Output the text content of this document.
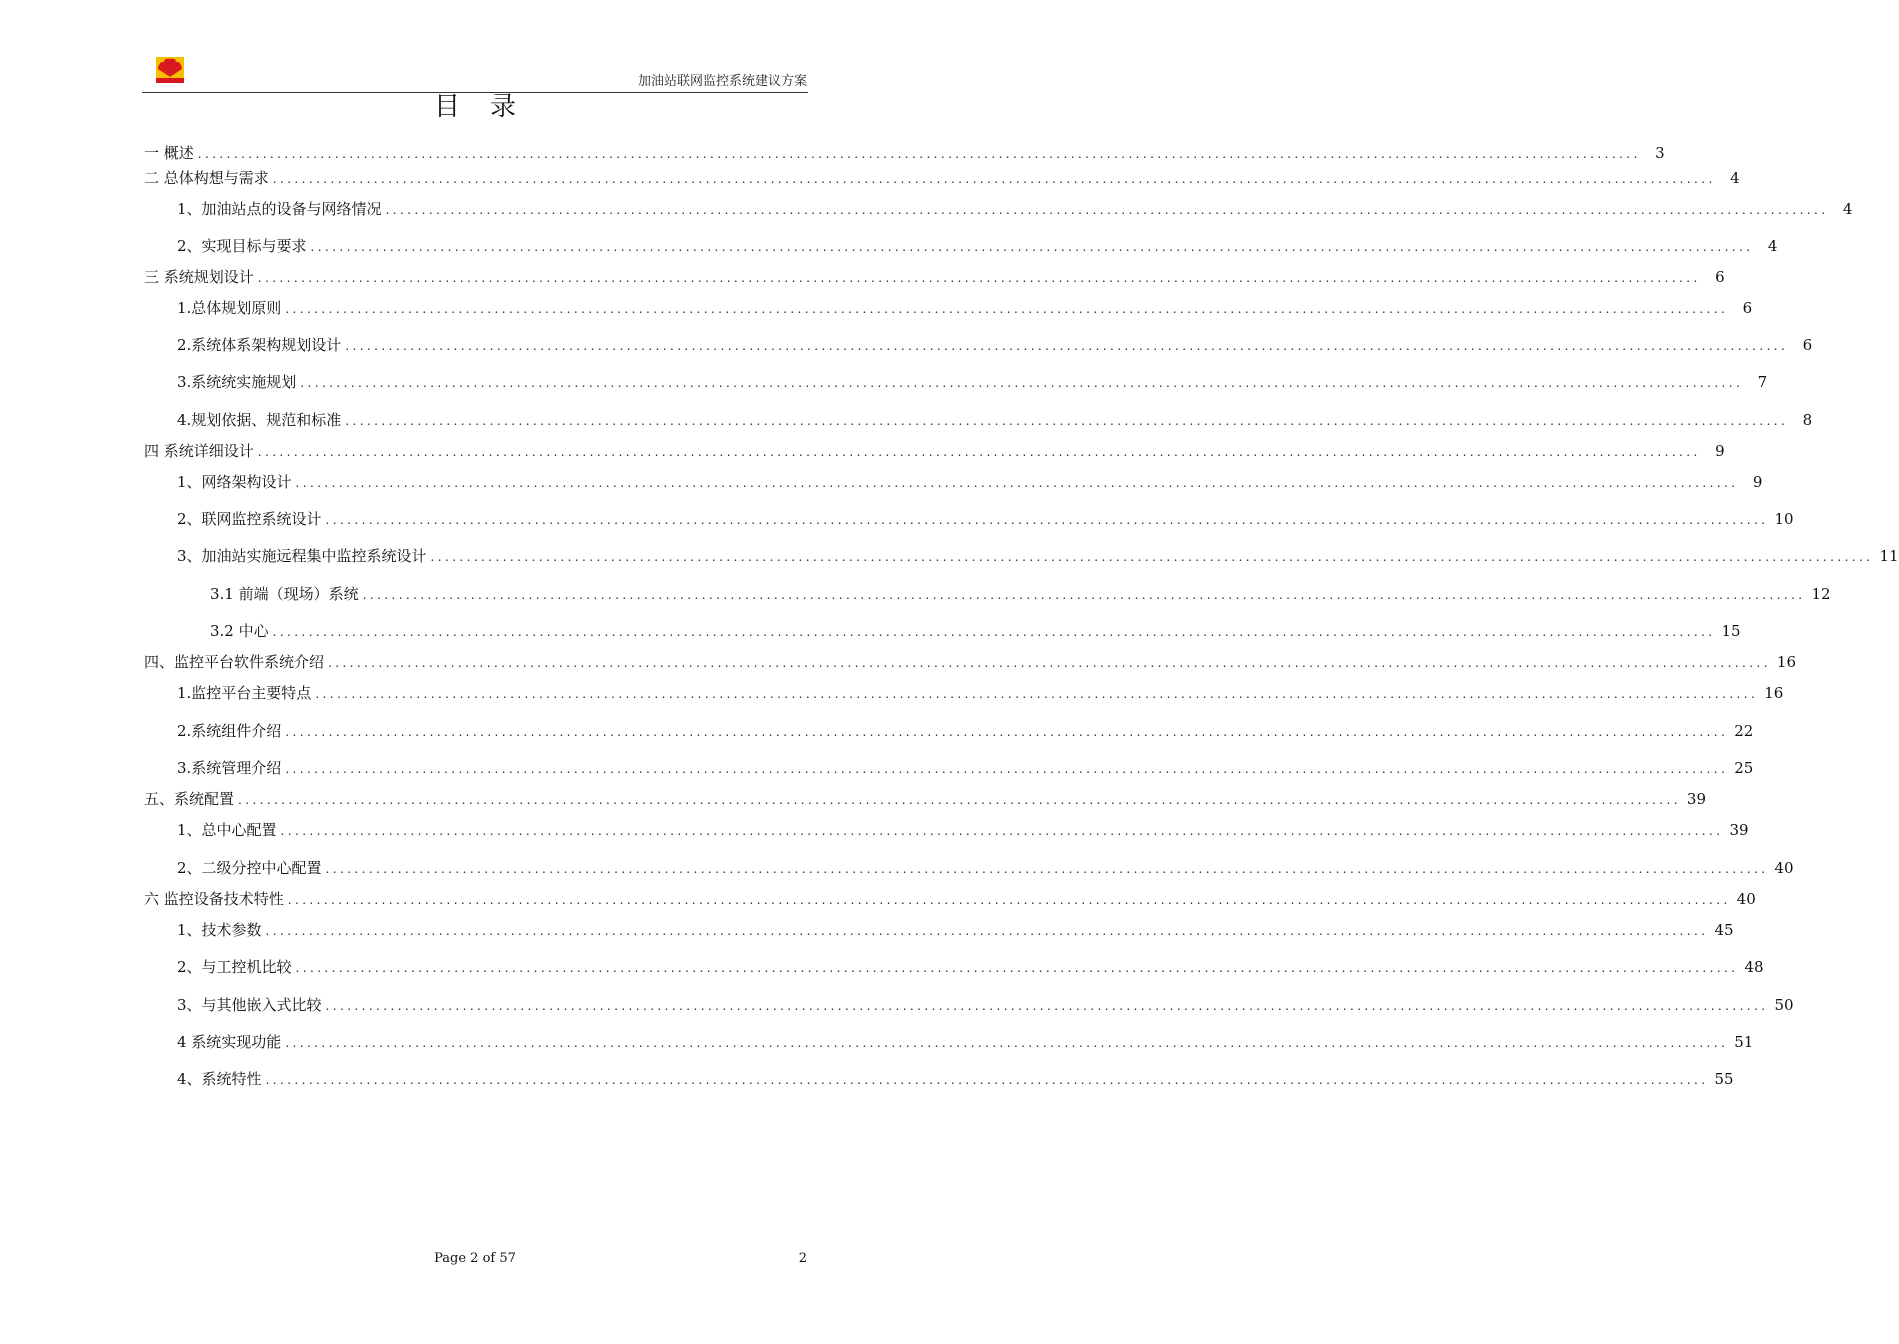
加油站联网监控系统建议方案
目录
一 概述 ........................................................................................................................................................................................................ 3
二 总体构想与需求 ........................................................................................................................................................................................................ 4
1、加油站点的设备与网络情况 ........................................................................................................................................................................................................ 4
2、实现目标与要求 ........................................................................................................................................................................................................ 4
三 系统规划设计 ........................................................................................................................................................................................................ 6
1.总体规划原则 ........................................................................................................................................................................................................ 6
2.系统体系架构规划设计 ........................................................................................................................................................................................................ 6
3.系统统实施规划 ........................................................................................................................................................................................................ 7
4.规划依据、规范和标准 ........................................................................................................................................................................................................ 8
四 系统详细设计 ........................................................................................................................................................................................................ 9
1、网络架构设计 ........................................................................................................................................................................................................ 9
2、联网监控系统设计 ........................................................................................................................................................................................................ 10
3、加油站实施远程集中监控系统设计 ........................................................................................................................................................................................................ 11
3.1 前端（现场）系统 ........................................................................................................................................................................................................ 12
3.2 中心 ........................................................................................................................................................................................................ 15
四、监控平台软件系统介绍 ........................................................................................................................................................................................................ 16
1.监控平台主要特点 ........................................................................................................................................................................................................ 16
2.系统组件介绍 ........................................................................................................................................................................................................ 22
3.系统管理介绍 ........................................................................................................................................................................................................ 25
五、系统配置 ........................................................................................................................................................................................................ 39
1、总中心配置 ........................................................................................................................................................................................................ 39
2、二级分控中心配置 ........................................................................................................................................................................................................ 40
六 监控设备技术特性 ........................................................................................................................................................................................................ 40
1、技术参数 ........................................................................................................................................................................................................ 45
2、与工控机比较 ........................................................................................................................................................................................................ 48
3、与其他嵌入式比较 ........................................................................................................................................................................................................ 50
4 系统实现功能 ........................................................................................................................................................................................................ 51
4、系统特性 ........................................................................................................................................................................................................ 55
Page 2 of 57	2
